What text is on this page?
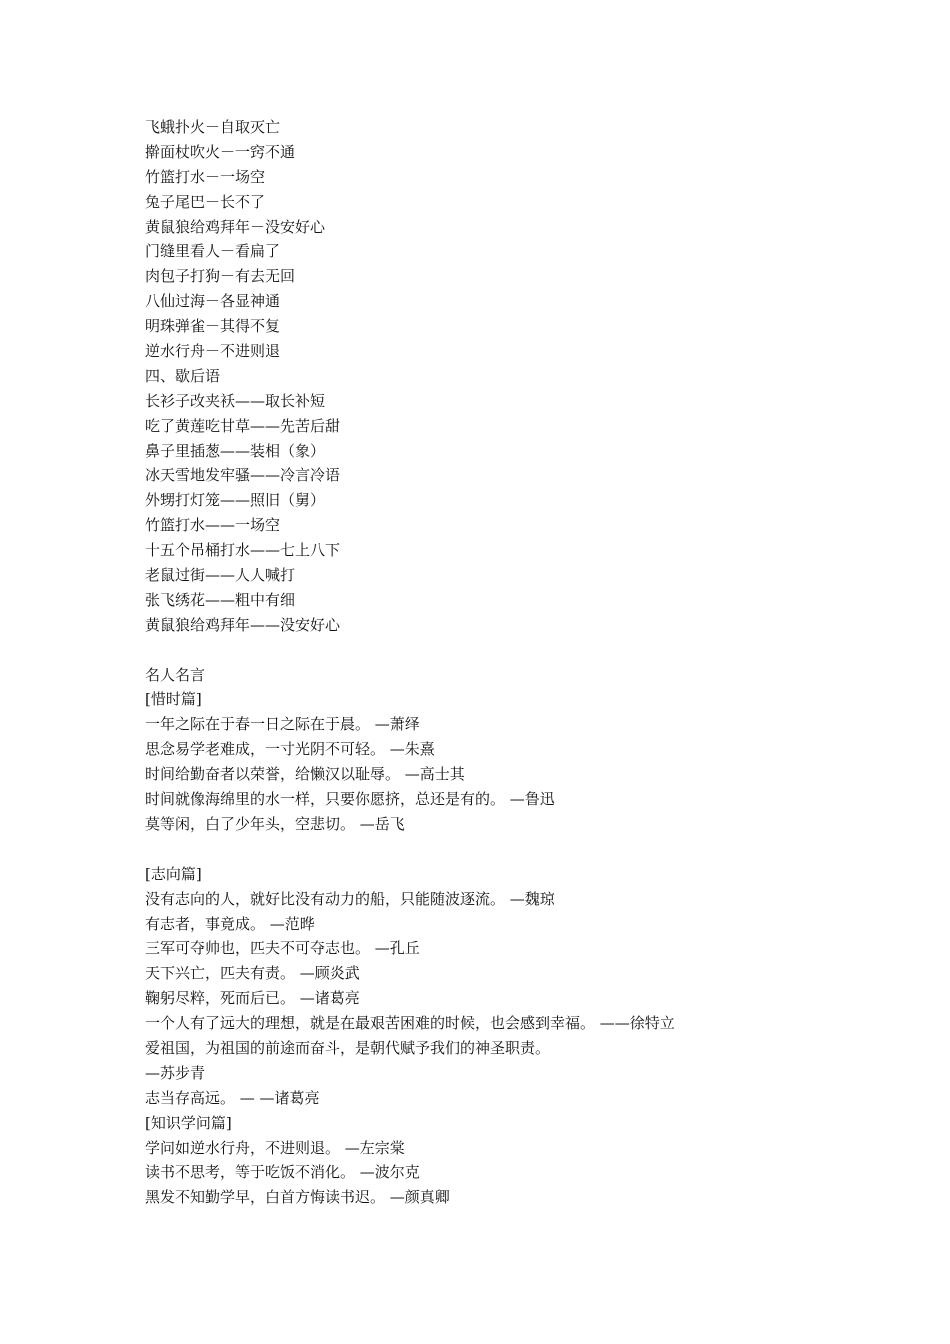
飞蛾扑火－自取灭亡
擀面杖吹火－一窍不通
竹篮打水－一场空
兔子尾巴－长不了
黄鼠狼给鸡拜年－没安好心
门缝里看人－看扁了
肉包子打狗－有去无回
八仙过海－各显神通
明珠弹雀－其得不复
逆水行舟－不进则退
四、歇后语
长衫子改夹袄——取长补短
吃了黄莲吃甘草——先苦后甜
鼻子里插葱——装相（象）
冰天雪地发牢骚——冷言冷语
外甥打灯笼——照旧（舅）
竹篮打水——一场空
十五个吊桶打水——七上八下
老鼠过街——人人喊打
张飞绣花——粗中有细
黄鼠狼给鸡拜年——没安好心
名人名言
[惜时篇]
一年之际在于春一日之际在于晨。 —萧绎
思念易学老难成，一寸光阴不可轻。 —朱熹
时间给勤奋者以荣誉，给懒汉以耻辱。 —高士其
时间就像海绵里的水一样，只要你愿挤，总还是有的。 —鲁迅
莫等闲，白了少年头，空悲切。 —岳飞
[志向篇]
没有志向的人，就好比没有动力的船，只能随波逐流。 —魏琼
有志者，事竟成。 —范晔
三军可夺帅也，匹夫不可夺志也。 —孔丘
天下兴亡，匹夫有责。 —顾炎武
鞠躬尽粹，死而后已。 —诸葛亮
一个人有了远大的理想，就是在最艰苦困难的时候，也会感到幸福。 ——徐特立
爱祖国，为祖国的前途而奋斗，是朝代赋予我们的神圣职责。
—苏步青
志当存高远。 — —诸葛亮
[知识学问篇]
学问如逆水行舟，不进则退。 —左宗棠
读书不思考，等于吃饭不消化。 —波尔克
黑发不知勤学早，白首方悔读书迟。 —颜真卿
